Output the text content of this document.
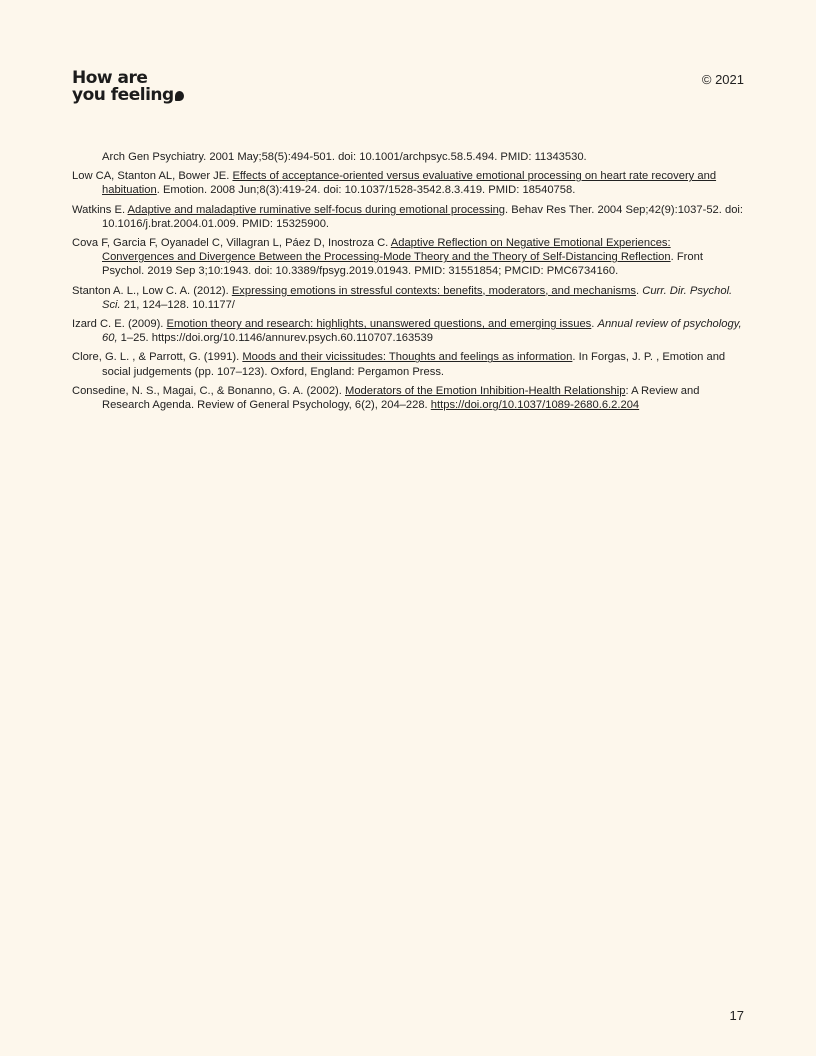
How are
you feeling
© 2021

Arch Gen Psychiatry. 2001 May;58(5):494-501. doi: 10.1001/archpsyc.58.5.494. PMID: 11343530.

Low CA, Stanton AL, Bower JE. Effects of acceptance-oriented versus evaluative emotional processing on heart rate recovery and habituation. Emotion. 2008 Jun;8(3):419-24. doi: 10.1037/1528-3542.8.3.419. PMID: 18540758.

Watkins E. Adaptive and maladaptive ruminative self-focus during emotional processing. Behav Res Ther. 2004 Sep;42(9):1037-52. doi: 10.1016/j.brat.2004.01.009. PMID: 15325900.

Cova F, Garcia F, Oyanadel C, Villagran L, Páez D, Inostroza C. Adaptive Reflection on Negative Emotional Experiences: Convergences and Divergence Between the Processing-Mode Theory and the Theory of Self-Distancing Reflection. Front Psychol. 2019 Sep 3;10:1943. doi: 10.3389/fpsyg.2019.01943. PMID: 31551854; PMCID: PMC6734160.

Stanton A. L., Low C. A. (2012). Expressing emotions in stressful contexts: benefits, moderators, and mechanisms. Curr. Dir. Psychol. Sci. 21, 124–128. 10.1177/

Izard C. E. (2009). Emotion theory and research: highlights, unanswered questions, and emerging issues. Annual review of psychology, 60, 1–25. https://doi.org/10.1146/annurev.psych.60.110707.163539

Clore, G. L. , & Parrott, G. (1991). Moods and their vicissitudes: Thoughts and feelings as information. In Forgas, J. P. , Emotion and social judgements (pp. 107–123). Oxford, England: Pergamon Press.

Consedine, N. S., Magai, C., & Bonanno, G. A. (2002). Moderators of the Emotion Inhibition-Health Relationship: A Review and Research Agenda. Review of General Psychology, 6(2), 204–228. https://doi.org/10.1037/1089-2680.6.2.204

17
